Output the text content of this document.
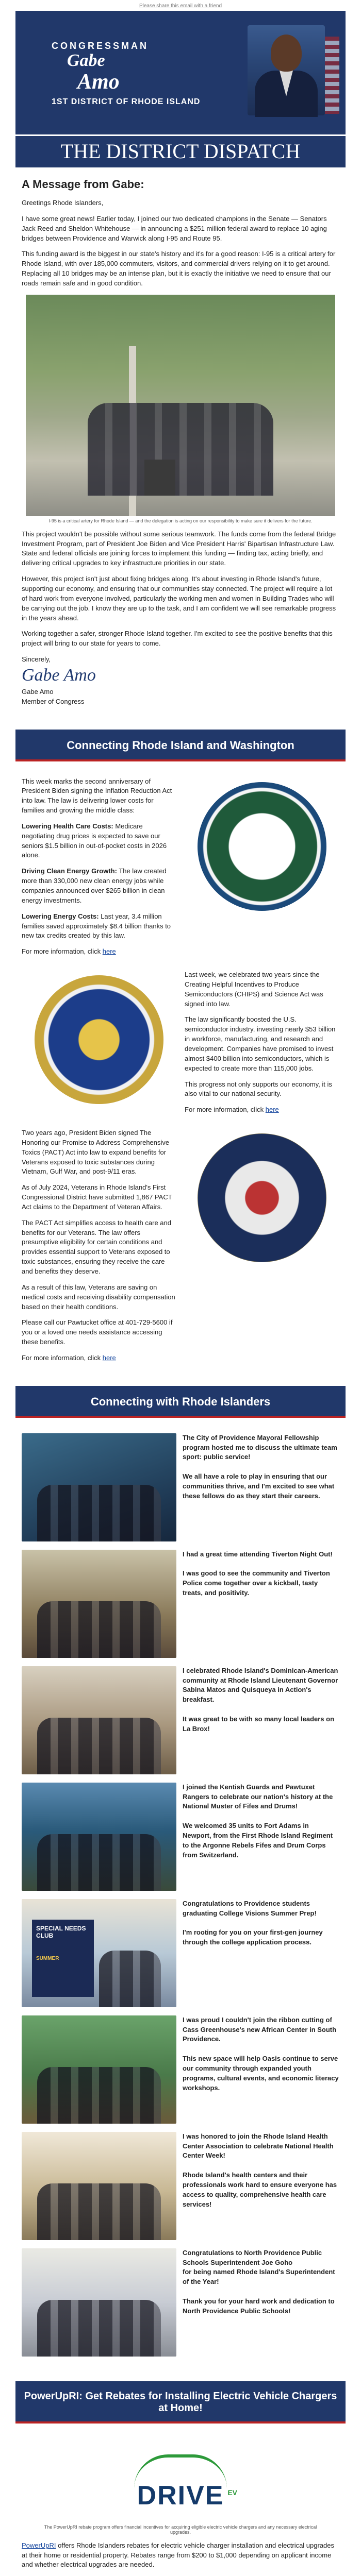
Please share this email with a friend
CONGRESSMAN
Gabe
Amo
1ST DISTRICT OF RHODE ISLAND
THE DISTRICT DISPATCH
A Message from Gabe:

Greetings Rhode Islanders,

I have some great news! Earlier today, I joined our two dedicated champions in the Senate — Senators Jack Reed and Sheldon Whitehouse — in announcing a $251 million federal award to replace 10 aging bridges between Providence and Warwick along I-95 and Route 95.

This funding award is the biggest in our state's history and it's for a good reason: I-95 is a critical artery for Rhode Island, with over 185,000 commuters, visitors, and commercial drivers relying on it to get around. Replacing all 10 bridges may be an intense plan, but it is exactly the initiative we need to ensure that our roads remain safe and in good condition.

I-95 is a critical artery for Rhode Island — and the delegation is acting on our responsibility to make sure it delivers for the future.

This project wouldn't be possible without some serious teamwork. The funds come from the federal Bridge Investment Program, part of President Joe Biden and Vice President Harris' Bipartisan Infrastructure Law. State and federal officials are joining forces to implement this funding — finding tax, acting briefly, and delivering critical upgrades to key infrastructure priorities in our state.

However, this project isn't just about fixing bridges along. It's about investing in Rhode Island's future, supporting our economy, and ensuring that our communities stay connected. The project will require a lot of hard work from everyone involved, particularly the working men and women in Building Trades who will be carrying out the job. I know they are up to the task, and I am confident we will see remarkable progress in the years ahead.

Working together a safer, stronger Rhode Island together. I'm excited to see the positive benefits that this project will bring to our state for years to come.

Sincerely,

Gabe Amo

Gabe Amo

Member of Congress

Connecting Rhode Island and Washington

This week marks the second anniversary of President Biden signing the Inflation Reduction Act into law. The law is delivering lower costs for families and growing the middle class:

Lowering Health Care Costs: Medicare negotiating drug prices is expected to save our seniors $1.5 billion in out-of-pocket costs in 2026 alone.

Driving Clean Energy Growth: The law created more than 330,000 new clean energy jobs while companies announced over $265 billion in clean energy investments.

Lowering Energy Costs: Last year, 3.4 million families saved approximately $8.4 billion thanks to new tax credits created by this law.

For more information, click here

Last week, we celebrated two years since the Creating Helpful Incentives to Produce Semiconductors (CHIPS) and Science Act was signed into law.

The law significantly boosted the U.S. semiconductor industry, investing nearly $53 billion in workforce, manufacturing, and research and development. Companies have promised to invest almost $400 billion into semiconductors, which is expected to create more than 115,000 jobs.

This progress not only supports our economy, it is also vital to our national security.

For more information, click here

Two years ago, President Biden signed The Honoring our Promise to Address Comprehensive Toxics (PACT) Act into law to expand benefits for Veterans exposed to toxic substances during Vietnam, Gulf War, and post-9/11 eras.

As of July 2024, Veterans in Rhode Island's First Congressional District have submitted 1,867 PACT Act claims to the Department of Veteran Affairs.

The PACT Act simplifies access to health care and benefits for our Veterans. The law offers presumptive eligibility for certain conditions and provides essential support to Veterans exposed to toxic substances, ensuring they receive the care and benefits they deserve.

As a result of this law, Veterans are saving on medical costs and receiving disability compensation based on their health conditions.

Please call our Pawtucket office at 401-729-5600 if you or a loved one needs assistance accessing these benefits.

For more information, click here

Connecting with Rhode Islanders
The City of Providence Mayoral Fellowship program hosted me to discuss the ultimate team sport: public service!

We all have a role to play in ensuring that our communities thrive, and I'm excited to see what these fellows do as they start their careers.
I had a great time attending Tiverton Night Out!

I was good to see the community and Tiverton Police come together over a kickball, tasty treats, and positivity.
I celebrated Rhode Island's Dominican-American community at Rhode Island Lieutenant Governor Sabina Matos and Quisqueya in Action's breakfast.

It was great to be with so many local leaders on La Brox!
I joined the Kentish Guards and Pawtuxet Rangers to celebrate our nation's history at the National Muster of Fifes and Drums!

We welcomed 35 units to Fort Adams in Newport, from the First Rhode Island Regiment to the Argonne Rebels Fifes and Drum Corps from Switzerland.
SPECIAL NEEDS CLUB
SUMMER
Congratulations to Providence students graduating College Visions Summer Prep!

I'm rooting for you on your first-gen journey through the college application process.
I was proud I couldn't join the ribbon cutting of Cass Greenhouse's new African Center in South Providence.

This new space will help Oasis continue to serve our community through expanded youth programs, cultural events, and economic literacy workshops.
I was honored to join the Rhode Island Health Center Association to celebrate National Health Center Week!

Rhode Island's health centers and their professionals work hard to ensure everyone has access to quality, comprehensive health care services!
Congratulations to North Providence Public Schools Superintendent Joe Goho
for being named Rhode Island's Superintendent of the Year!

Thank you for your hard work and dedication to North Providence Public Schools!
PowerUpRI: Get Rebates for Installing Electric Vehicle Chargers at Home!
DRIVE EV
The PowerUpRI rebate program offers financial incentives for acquiring eligible electric vehicle chargers and any necessary electrical upgrades.

PowerUpRI offers Rhode Islanders rebates for electric vehicle charger installation and electrical upgrades at their home or residential property. Rebates range from $200 to $1,000 depending on applicant income and whether electrical upgrades are needed.
